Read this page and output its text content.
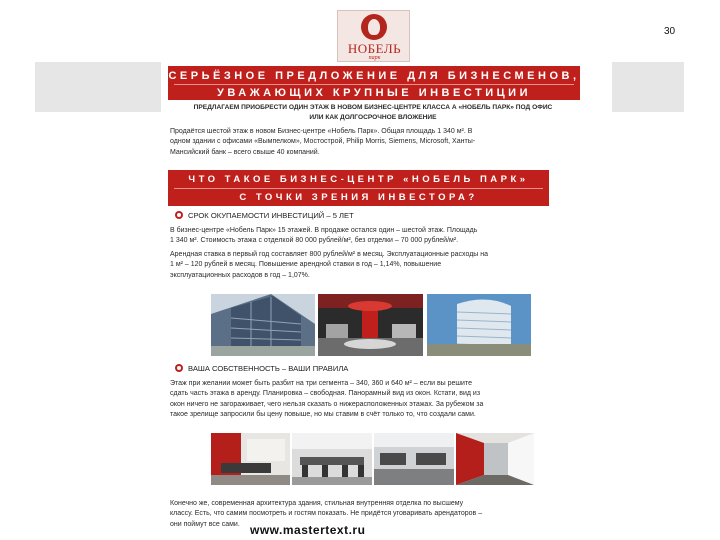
30
НОБЕЛЬ
парк
СЕРЬЁЗНОЕ ПРЕДЛОЖЕНИЕ ДЛЯ БИЗНЕСМЕНОВ,
УВАЖАЮЩИХ КРУПНЫЕ ИНВЕСТИЦИИ
ПРЕДЛАГАЕМ ПРИОБРЕСТИ ОДИН ЭТАЖ В НОВОМ БИЗНЕС-ЦЕНТРЕ КЛАССА А «НОБЕЛЬ ПАРК» ПОД ОФИС
ИЛИ КАК ДОЛГОСРОЧНОЕ ВЛОЖЕНИЕ
Продаётся шестой этаж в новом Бизнес-центре «Нобель Парк». Общая площадь 1 340 м². В
одном здании с офисами «Вымпелком», Мостострой, Philip Morris, Siemens, Microsoft, Ханты-
Мансийский банк – всего свыше 40 компаний.
ЧТО ТАКОЕ БИЗНЕС-ЦЕНТР «НОБЕЛЬ ПАРК»
С ТОЧКИ ЗРЕНИЯ ИНВЕСТОРА?
СРОК ОКУПАЕМОСТИ ИНВЕСТИЦИЙ – 5 ЛЕТ
В бизнес-центре «Нобель Парк» 15 этажей. В продаже остался один – шестой этаж. Площадь
1 340 м². Стоимость этажа с отделкой 80 000 рублей/м², без отделки – 70 000 рублей/м².
Арендная ставка в первый год составляет 800 рублей/м² в месяц. Эксплуатационные расходы на
1 м² – 120 рублей в месяц. Повышение арендной ставки в год – 1,14%, повышение
эксплуатационных расходов в год – 1,07%.
ВАША СОБСТВЕННОСТЬ – ВАШИ ПРАВИЛА
Этаж при желании может быть разбит на три сегмента – 340, 360 и 640 м² – если вы решите
сдать часть этажа в аренду. Планировка – свободная. Панорамный вид из окон. Кстати, вид из
окон ничего не загораживает, чего нельзя сказать о нижерасположенных этажах. За рубежом за
такое зрелище запросили бы цену повыше, но мы ставим в счёт только то, что создали сами.
Конечно же, современная архитектура здания, стильная внутренняя отделка по высшему
классу. Есть, что самим посмотреть и гостям показать. Не придётся уговаривать арендаторов –
они поймут все сами. www.mastertext.ru
